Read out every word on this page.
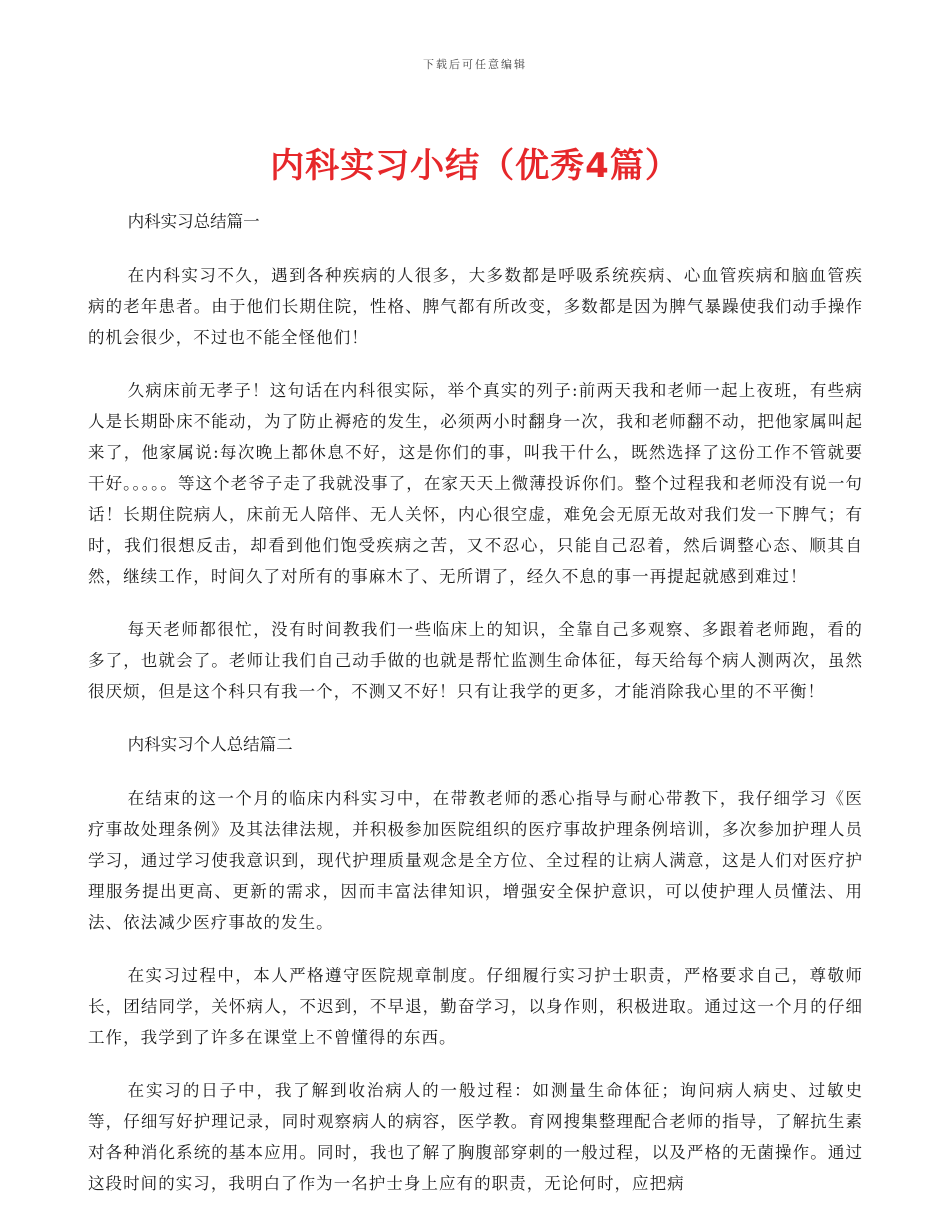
下载后可任意编辑
内科实习小结（优秀4篇）

内科实习总结篇一

在内科实习不久，遇到各种疾病的人很多，大多数都是呼吸系统疾病、心血管疾病和脑血管疾病的老年患者。由于他们长期住院，性格、脾气都有所改变，多数都是因为脾气暴躁使我们动手操作的机会很少，不过也不能全怪他们！

久病床前无孝子！这句话在内科很实际，举个真实的列子:前两天我和老师一起上夜班，有些病人是长期卧床不能动，为了防止褥疮的发生，必须两小时翻身一次，我和老师翻不动，把他家属叫起来了，他家属说:每次晚上都休息不好，这是你们的事，叫我干什么，既然选择了这份工作不管就要干好。。。。。等这个老爷子走了我就没事了，在家天天上微薄投诉你们。整个过程我和老师没有说一句话！长期住院病人，床前无人陪伴、无人关怀，内心很空虚，难免会无原无故对我们发一下脾气；有时，我们很想反击，却看到他们饱受疾病之苦，又不忍心，只能自己忍着，然后调整心态、顺其自然，继续工作，时间久了对所有的事麻木了、无所谓了，经久不息的事一再提起就感到难过！

每天老师都很忙，没有时间教我们一些临床上的知识，全靠自己多观察、多跟着老师跑，看的多了，也就会了。老师让我们自己动手做的也就是帮忙监测生命体征，每天给每个病人测两次，虽然很厌烦，但是这个科只有我一个，不测又不好！只有让我学的更多，才能消除我心里的不平衡！

内科实习个人总结篇二

在结束的这一个月的临床内科实习中，在带教老师的悉心指导与耐心带教下，我仔细学习《医疗事故处理条例》及其法律法规，并积极参加医院组织的医疗事故护理条例培训，多次参加护理人员学习，通过学习使我意识到，现代护理质量观念是全方位、全过程的让病人满意，这是人们对医疗护理服务提出更高、更新的需求，因而丰富法律知识，增强安全保护意识，可以使护理人员懂法、用法、依法减少医疗事故的发生。

在实习过程中，本人严格遵守医院规章制度。仔细履行实习护士职责，严格要求自己，尊敬师长，团结同学，关怀病人，不迟到，不早退，勤奋学习，以身作则，积极进取。通过这一个月的仔细工作，我学到了许多在课堂上不曾懂得的东西。

在实习的日子中，我了解到收治病人的一般过程：如测量生命体征；询问病人病史、过敏史等，仔细写好护理记录，同时观察病人的病容，医学教。育网搜集整理配合老师的指导，了解抗生素对各种消化系统的基本应用。同时，我也了解了胸腹部穿刺的一般过程，以及严格的无菌操作。通过这段时间的实习，我明白了作为一名护士身上应有的职责，无论何时，应把病
